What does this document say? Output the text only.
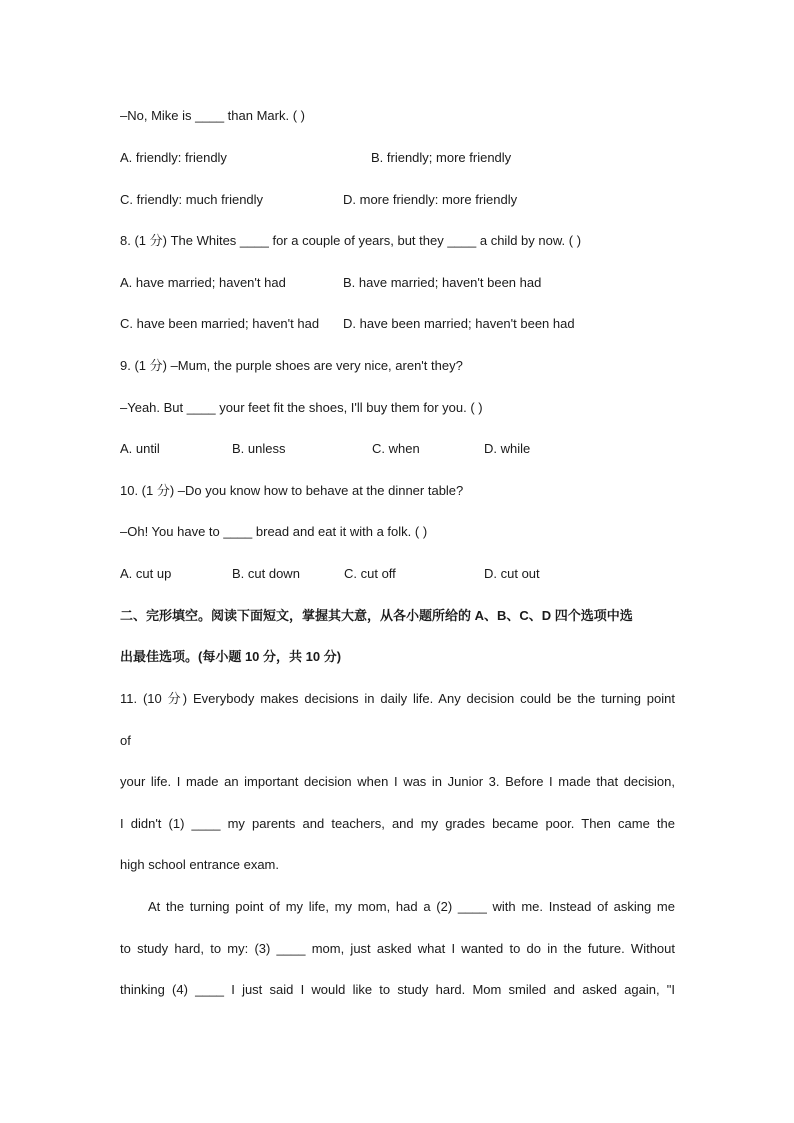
–No, Mike is ____ than Mark. ( )
A. friendly: friendly	B. friendly; more friendly
C. friendly: much friendly	D. more friendly: more friendly
8. (1 分) The Whites ____ for a couple of years, but they ____ a child by now. ( )
A. have married; haven't had	B. have married; haven't been had
C. have been married; haven't had D. have been married; haven't been had
9. (1 分) –Mum, the purple shoes are very nice, aren't they?
–Yeah. But ____ your feet fit the shoes, I'll buy them for you. ( )
A. until	B. unless	C. when	D. while
10. (1 分) –Do you know how to behave at the dinner table?
–Oh! You have to ____ bread and eat it with a folk. ( )
A. cut up	B. cut down	C. cut off	D. cut out
二、完形填空。阅读下面短文，掌握其大意，从各小题所给的 A、B、C、D 四个选项中选
出最佳选项。(每小题 10 分，共 10 分)
11. (10 分) Everybody makes decisions in daily life. Any decision could be the turning point
of
your life. I made an important decision when I was in Junior 3. Before I made that decision,
I didn't (1) ____ my parents and teachers, and my grades became poor. Then came the
high school entrance exam.
At the turning point of my life, my mom, had a (2) ____ with me. Instead of asking me
to study hard, to my: (3) ____ mom, just asked what I wanted to do in the future. Without
thinking (4) ____ I just said I would like to study hard. Mom smiled and asked again, "I
